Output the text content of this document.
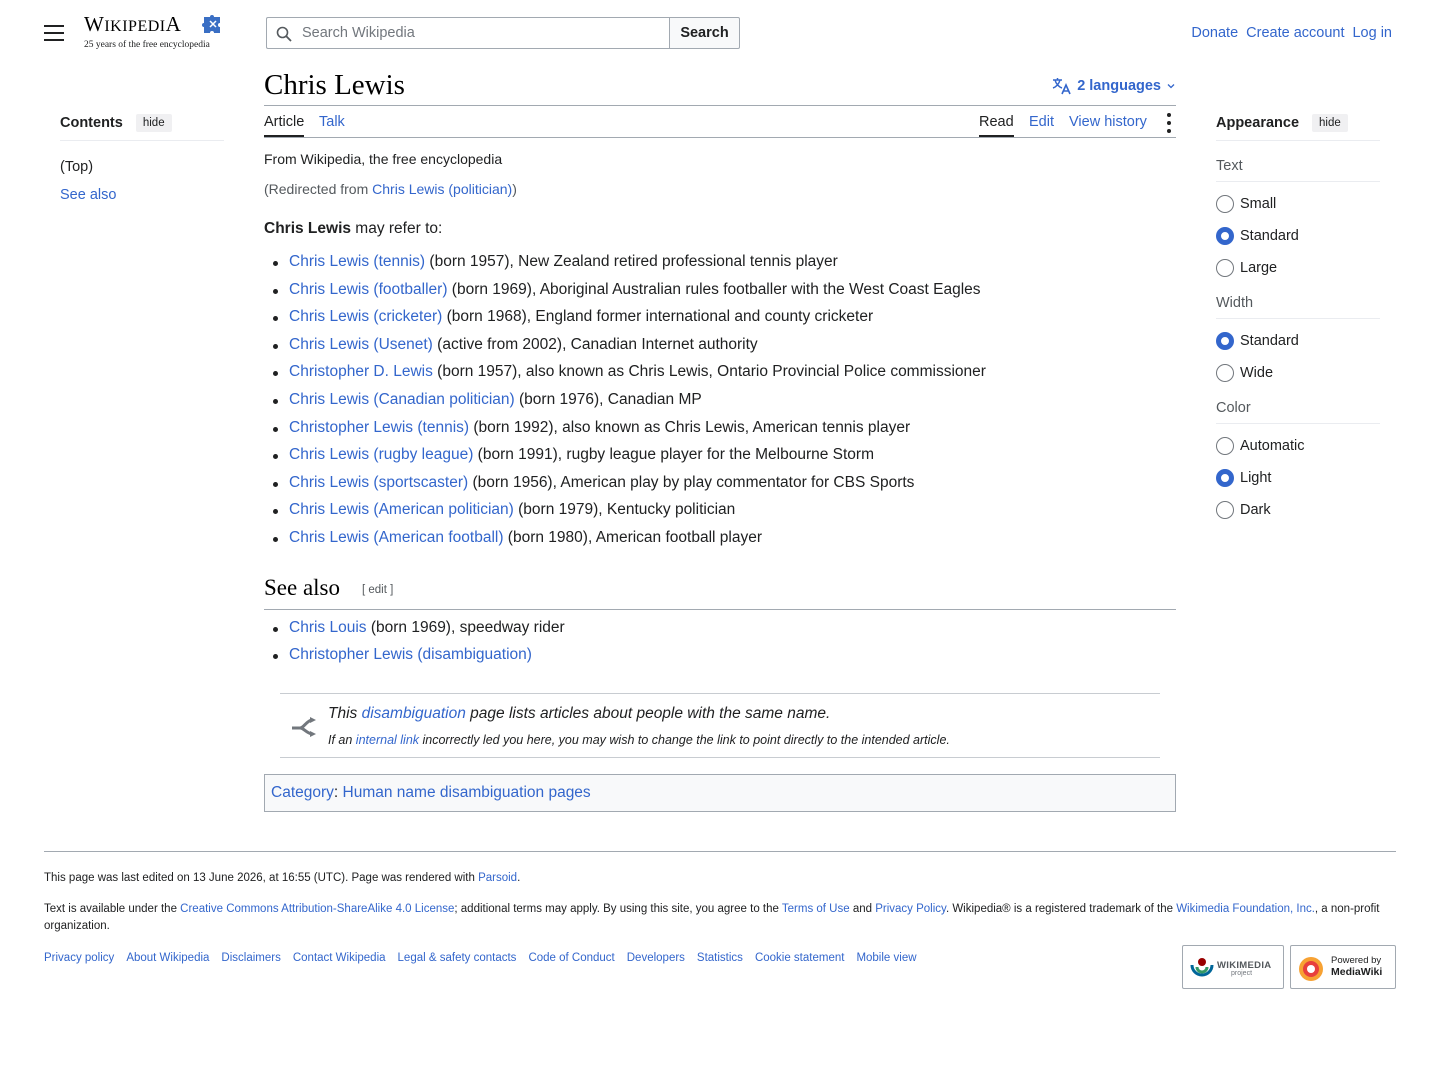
WIKIPEDIA
25 years of the free encyclopedia
Search Wikipedia
Search	Donate Create account Log in
Contents	hide
(Top)
See also
Chris Lewis	2 languages
Article Talk	Read Edit View history
From Wikipedia, the free encyclopedia
(Redirected from Chris Lewis (politician))
Chris Lewis may refer to:
Chris Lewis (tennis) (born 1957), New Zealand retired professional tennis player
Chris Lewis (footballer) (born 1969), Aboriginal Australian rules footballer with the West Coast Eagles
Chris Lewis (cricketer) (born 1968), England former international and county cricketer
Chris Lewis (Usenet) (active from 2002), Canadian Internet authority
Christopher D. Lewis (born 1957), also known as Chris Lewis, Ontario Provincial Police commissioner
Chris Lewis (Canadian politician) (born 1976), Canadian MP
Christopher Lewis (tennis) (born 1992), also known as Chris Lewis, American tennis player
Chris Lewis (rugby league) (born 1991), rugby league player for the Melbourne Storm
Chris Lewis (sportscaster) (born 1956), American play by play commentator for CBS Sports
Chris Lewis (American politician) (born 1979), Kentucky politician
Chris Lewis (American football) (born 1980), American football player
See also [ edit ]
Chris Louis (born 1969), speedway rider
Christopher Lewis (disambiguation)
This disambiguation page lists articles about people with the same name.
If an internal link incorrectly led you here, you may wish to change the link to point directly to the intended article.
Category: Human name disambiguation pages
Appearance	hide
Text
Small
Standard
Large
Width
Standard
Wide
Color
Automatic
Light
Dark
This page was last edited on 13 June 2026, at 16:55 (UTC). Page was rendered with Parsoid.
Text is available under the Creative Commons Attribution-ShareAlike 4.0 License; additional terms may apply. By using this site, you agree to the Terms of Use and Privacy Policy. Wikipedia® is a registered trademark of the Wikimedia Foundation, Inc., a non-profit organization.
Privacy policy About Wikipedia Disclaimers Contact Wikipedia Legal & safety contacts Code of Conduct Developers Statistics Cookie statement Mobile view
WIKIMEDIA
project
Powered by
MediaWiki
